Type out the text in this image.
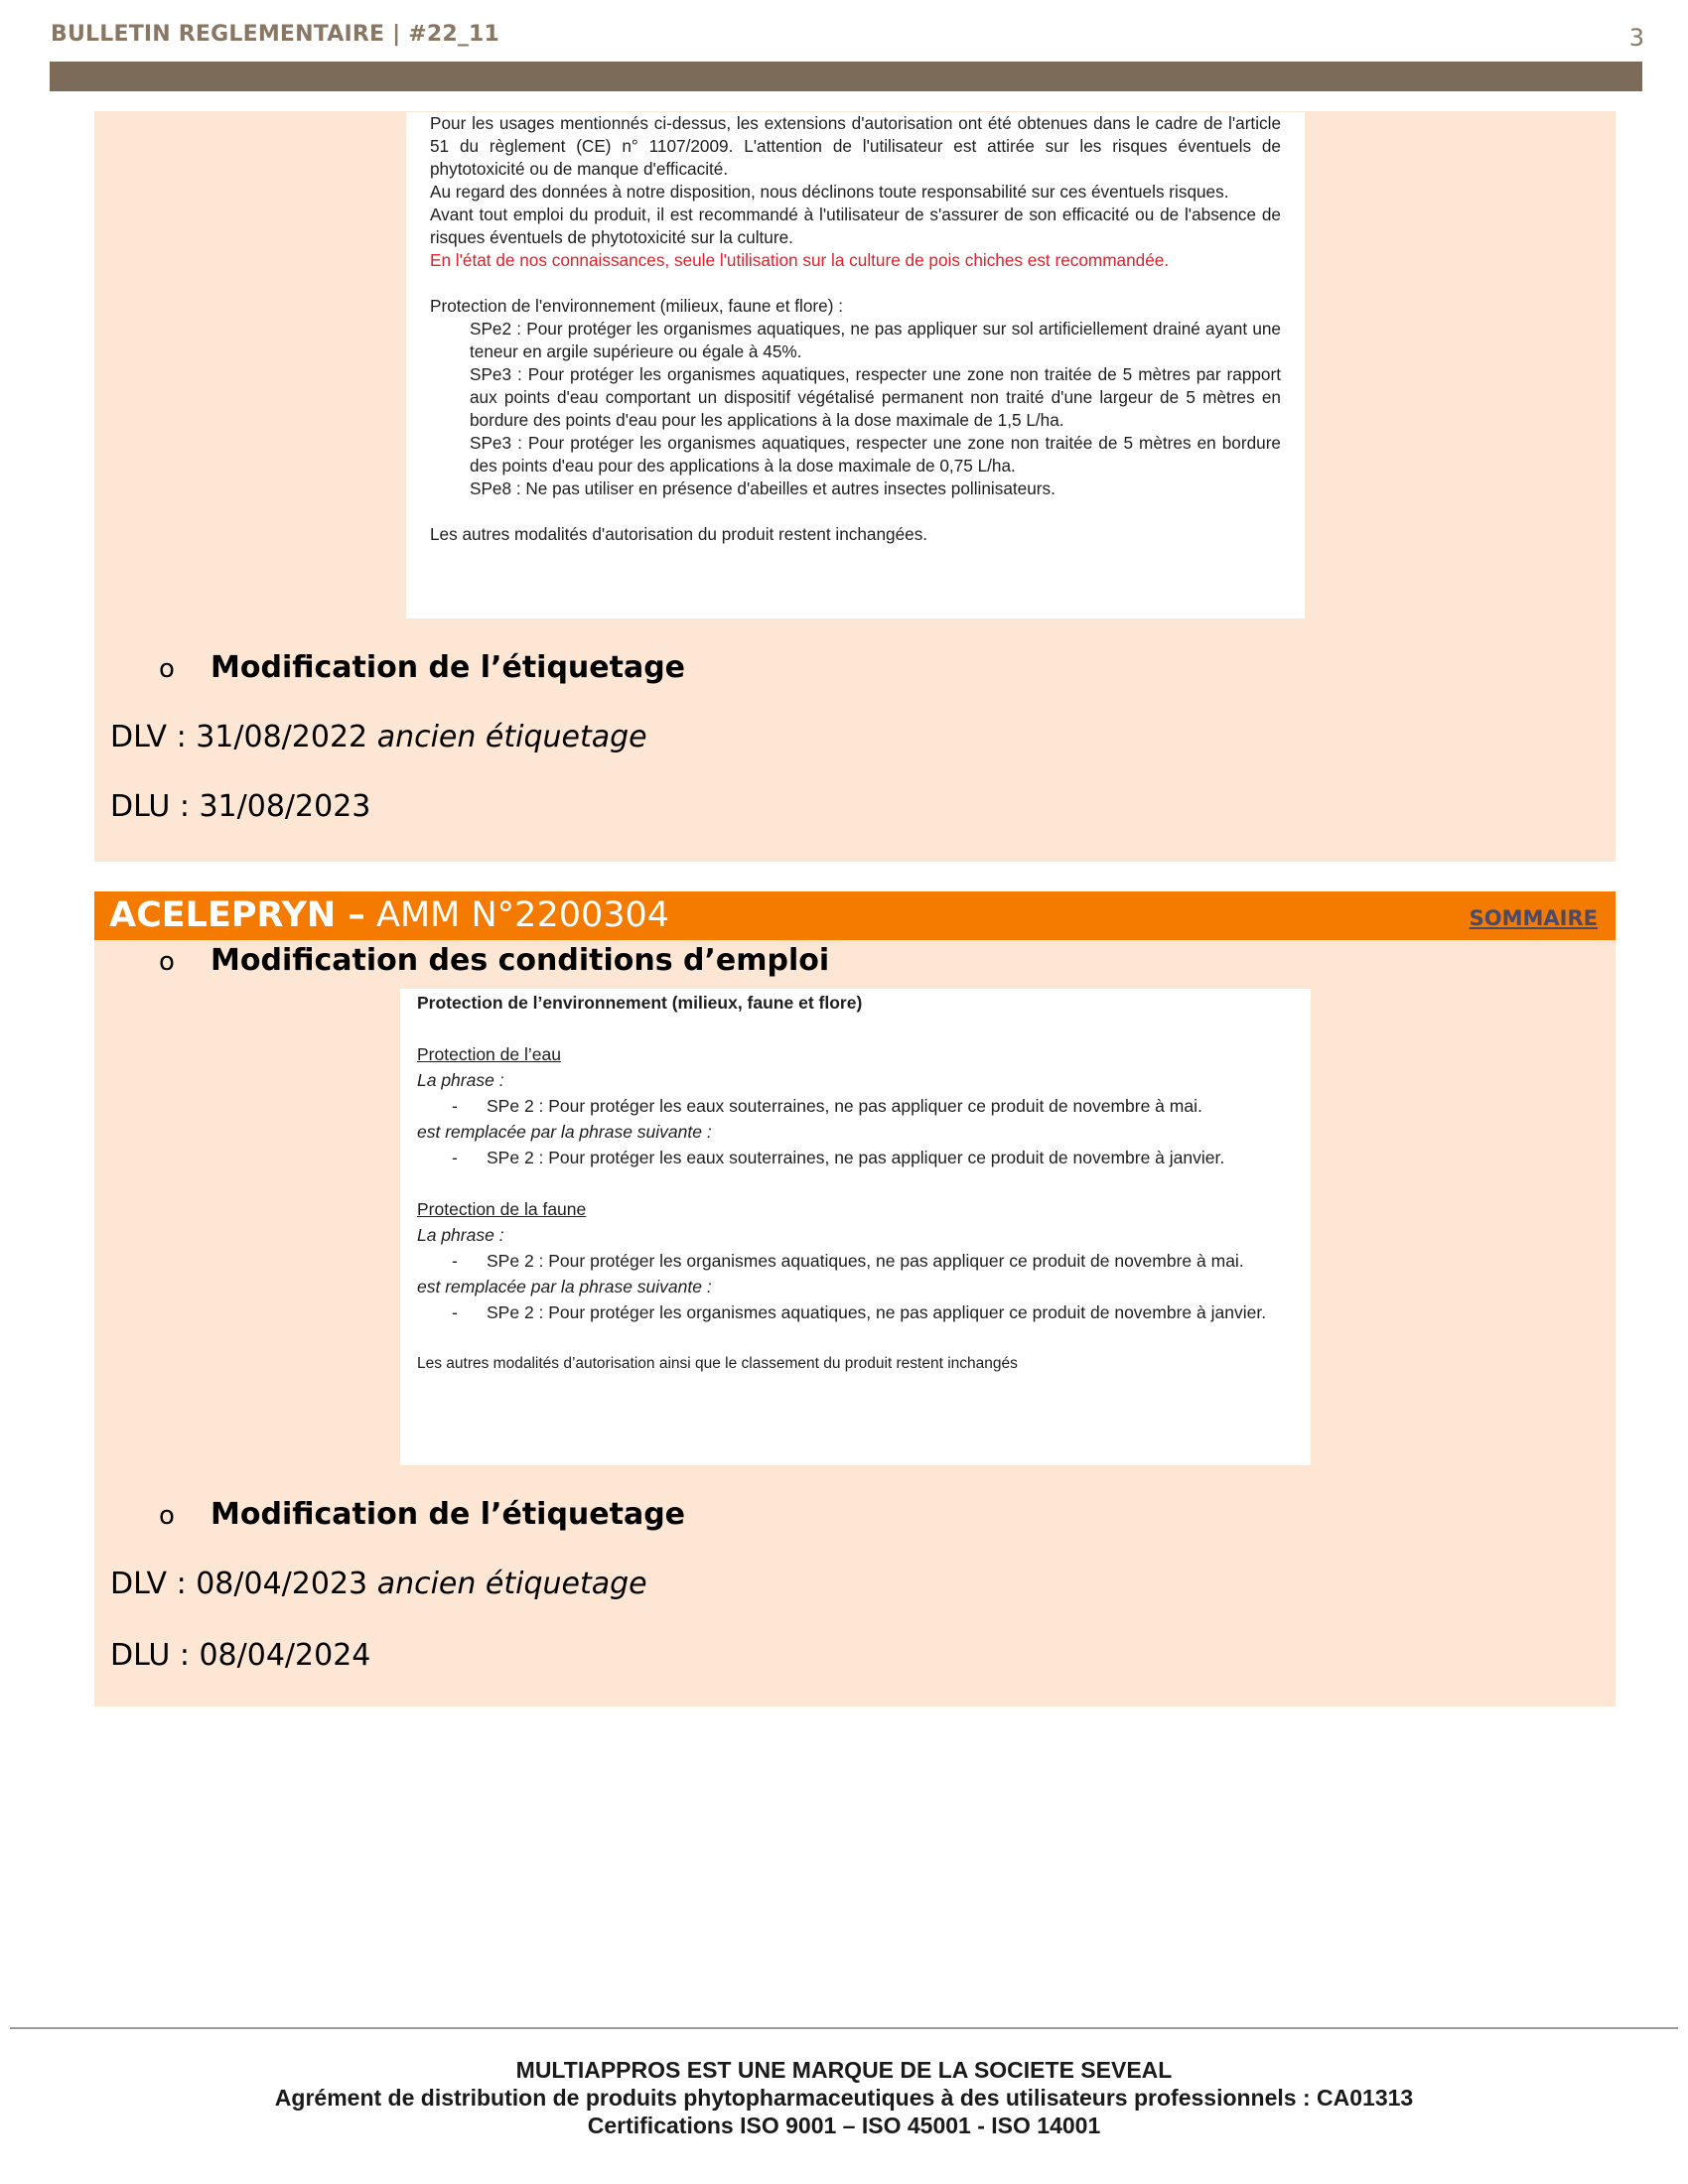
BULLETIN REGLEMENTAIRE | #22_11	3

Pour les usages mentionnés ci-dessus, les extensions d'autorisation ont été obtenues dans le cadre de l'article 51 du règlement (CE) n° 1107/2009. L'attention de l'utilisateur est attirée sur les risques éventuels de phytotoxicité ou de manque d'efficacité.

Au regard des données à notre disposition, nous déclinons toute responsabilité sur ces éventuels risques.

Avant tout emploi du produit, il est recommandé à l'utilisateur de s'assurer de son efficacité ou de l'absence de risques éventuels de phytotoxicité sur la culture.

En l'état de nos connaissances, seule l'utilisation sur la culture de pois chiches est recommandée.

Protection de l'environnement (milieux, faune et flore) :

SPe2 : Pour protéger les organismes aquatiques, ne pas appliquer sur sol artificiellement drainé ayant une teneur en argile supérieure ou égale à 45%.

SPe3 : Pour protéger les organismes aquatiques, respecter une zone non traitée de 5 mètres par rapport aux points d'eau comportant un dispositif végétalisé permanent non traité d'une largeur de 5 mètres en bordure des points d'eau pour les applications à la dose maximale de 1,5 L/ha.

SPe3 : Pour protéger les organismes aquatiques, respecter une zone non traitée de 5 mètres en bordure des points d'eau pour des applications à la dose maximale de 0,75 L/ha.

SPe8 : Ne pas utiliser en présence d'abeilles et autres insectes pollinisateurs.

Les autres modalités d'autorisation du produit restent inchangées.

o Modification de l’étiquetage
DLV : 31/08/2022 ancien étiquetage
DLU : 31/08/2023
ACELEPRYN – AMM N°2200304	SOMMAIRE
o Modification des conditions d’emploi

Protection de l’environnement (milieux, faune et flore)

Protection de l’eau

La phrase :

- SPe 2 : Pour protéger les eaux souterraines, ne pas appliquer ce produit de novembre à mai.

est remplacée par la phrase suivante :

- SPe 2 : Pour protéger les eaux souterraines, ne pas appliquer ce produit de novembre à janvier.

Protection de la faune

La phrase :

- SPe 2 : Pour protéger les organismes aquatiques, ne pas appliquer ce produit de novembre à mai.

est remplacée par la phrase suivante :

- SPe 2 : Pour protéger les organismes aquatiques, ne pas appliquer ce produit de novembre à janvier.

Les autres modalités d’autorisation ainsi que le classement du produit restent inchangés

o Modification de l’étiquetage
DLV : 08/04/2023 ancien étiquetage
DLU : 08/04/2024
MULTIAPPROS EST UNE MARQUE DE LA SOCIETE SEVEAL
Agrément de distribution de produits phytopharmaceutiques à des utilisateurs professionnels : CA01313
Certifications ISO 9001 – ISO 45001 - ISO 14001
